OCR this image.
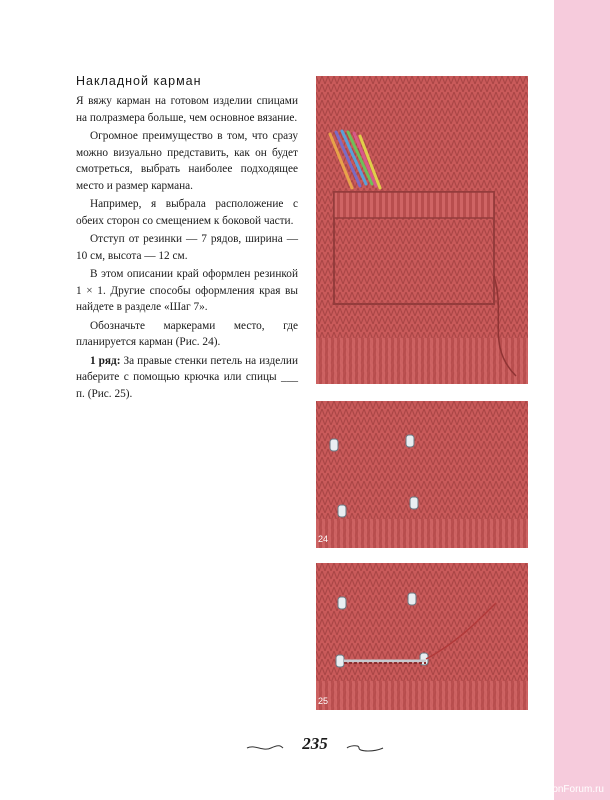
Накладной карман

Я вяжу карман на готовом изделии спицами на полразмера больше, чем основное вязание.

Огромное преимущество в том, что сразу можно визуально представить, как он будет смотреться, выбрать наиболее подходящее место и размер кармана.

Например, я выбрала расположение с обеих сторон со смещением к боковой части.

Отступ от резинки — 7 рядов, ширина — 10 см, высота — 12 см.

В этом описании край оформлен резинкой 1 × 1. Другие способы оформления края вы найдете в разделе «Шаг 7».

Обозначьте маркерами место, где планируется карман (Рис. 24).

1 ряд: За правые стенки петель на изделии наберите с помощью крючка или спицы ___ п. (Рис. 25).

24
25
235
PassionForum.ru
